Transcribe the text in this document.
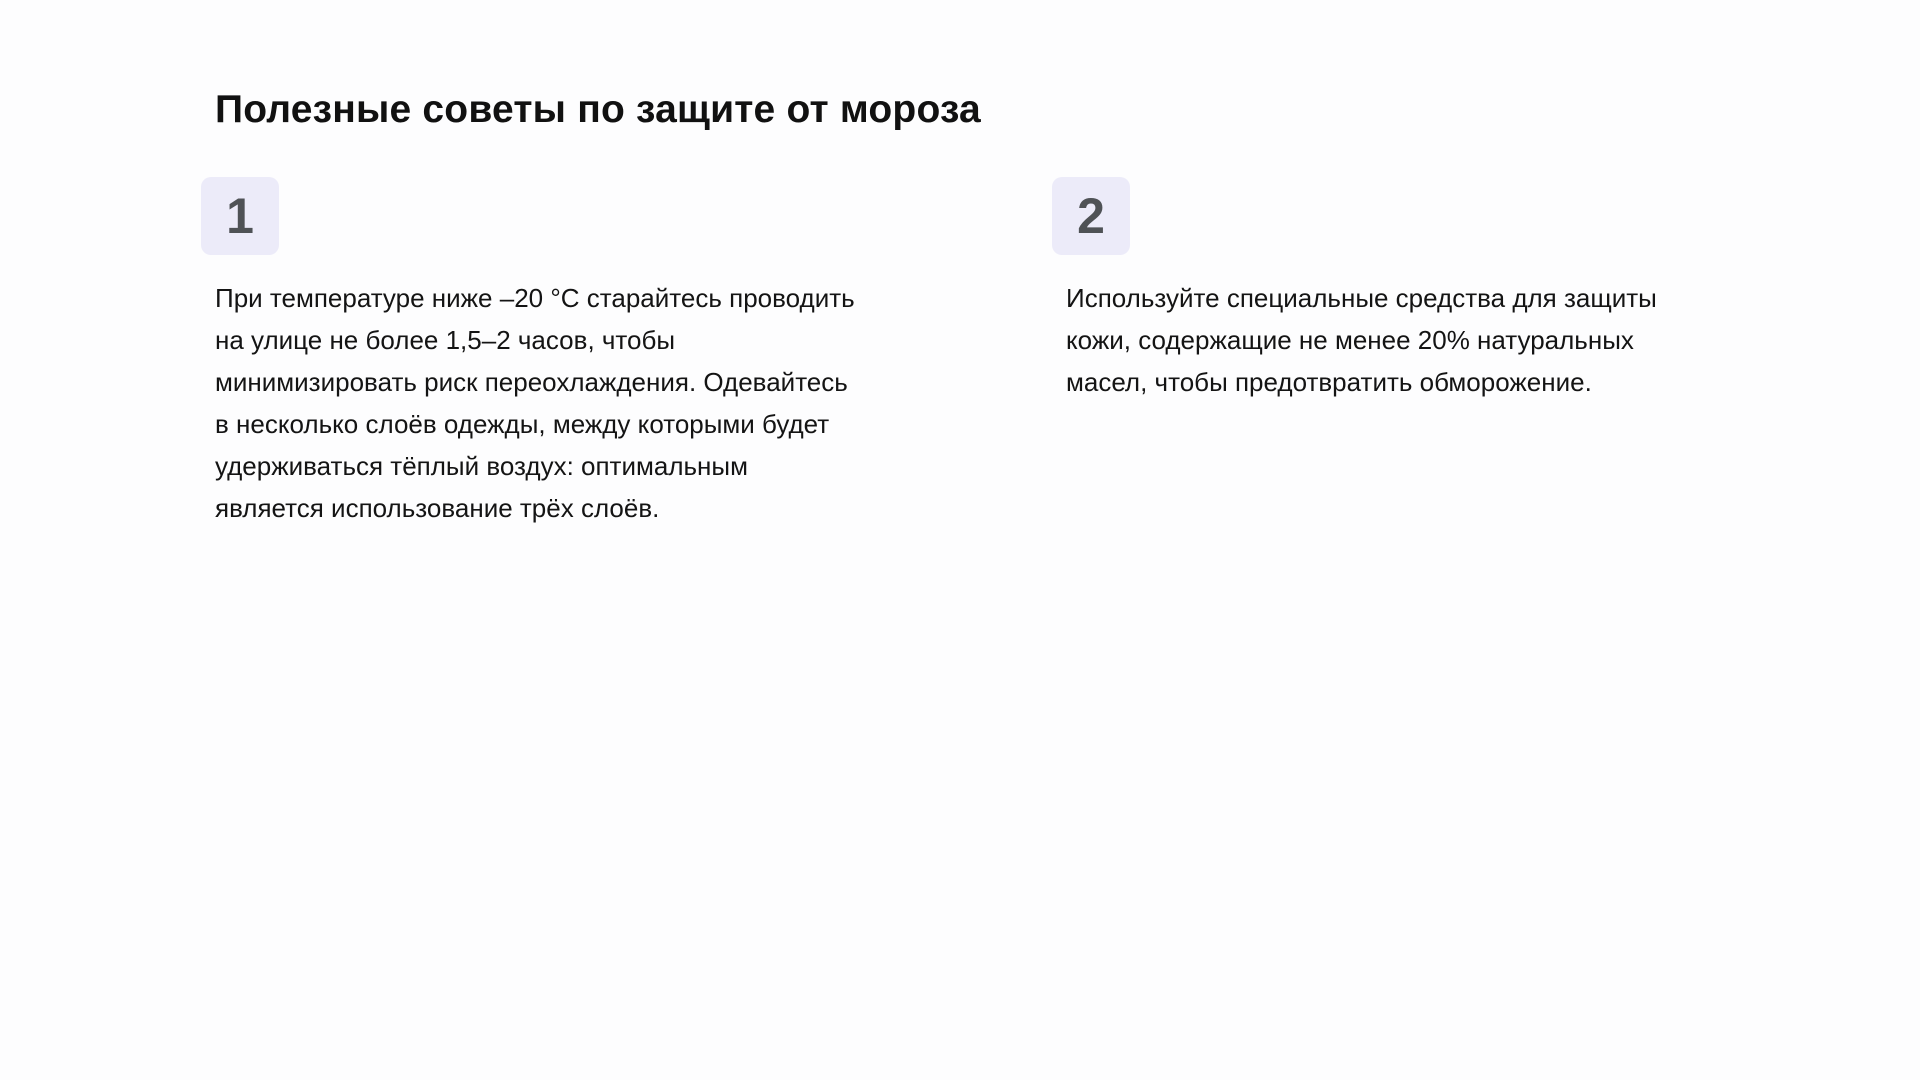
Полезные советы по защите от мороза
1

При температуре ниже –20 °C старайтесь проводить на улице не более 1,5–2 часов, чтобы минимизировать риск переохлаждения. Одевайтесь в несколько слоёв одежды, между которыми будет удерживаться тёплый воздух: оптимальным является использование трёх слоёв.

2

Используйте специальные средства для защиты кожи, содержащие не менее 20% натуральных масел, чтобы предотвратить обморожение.
